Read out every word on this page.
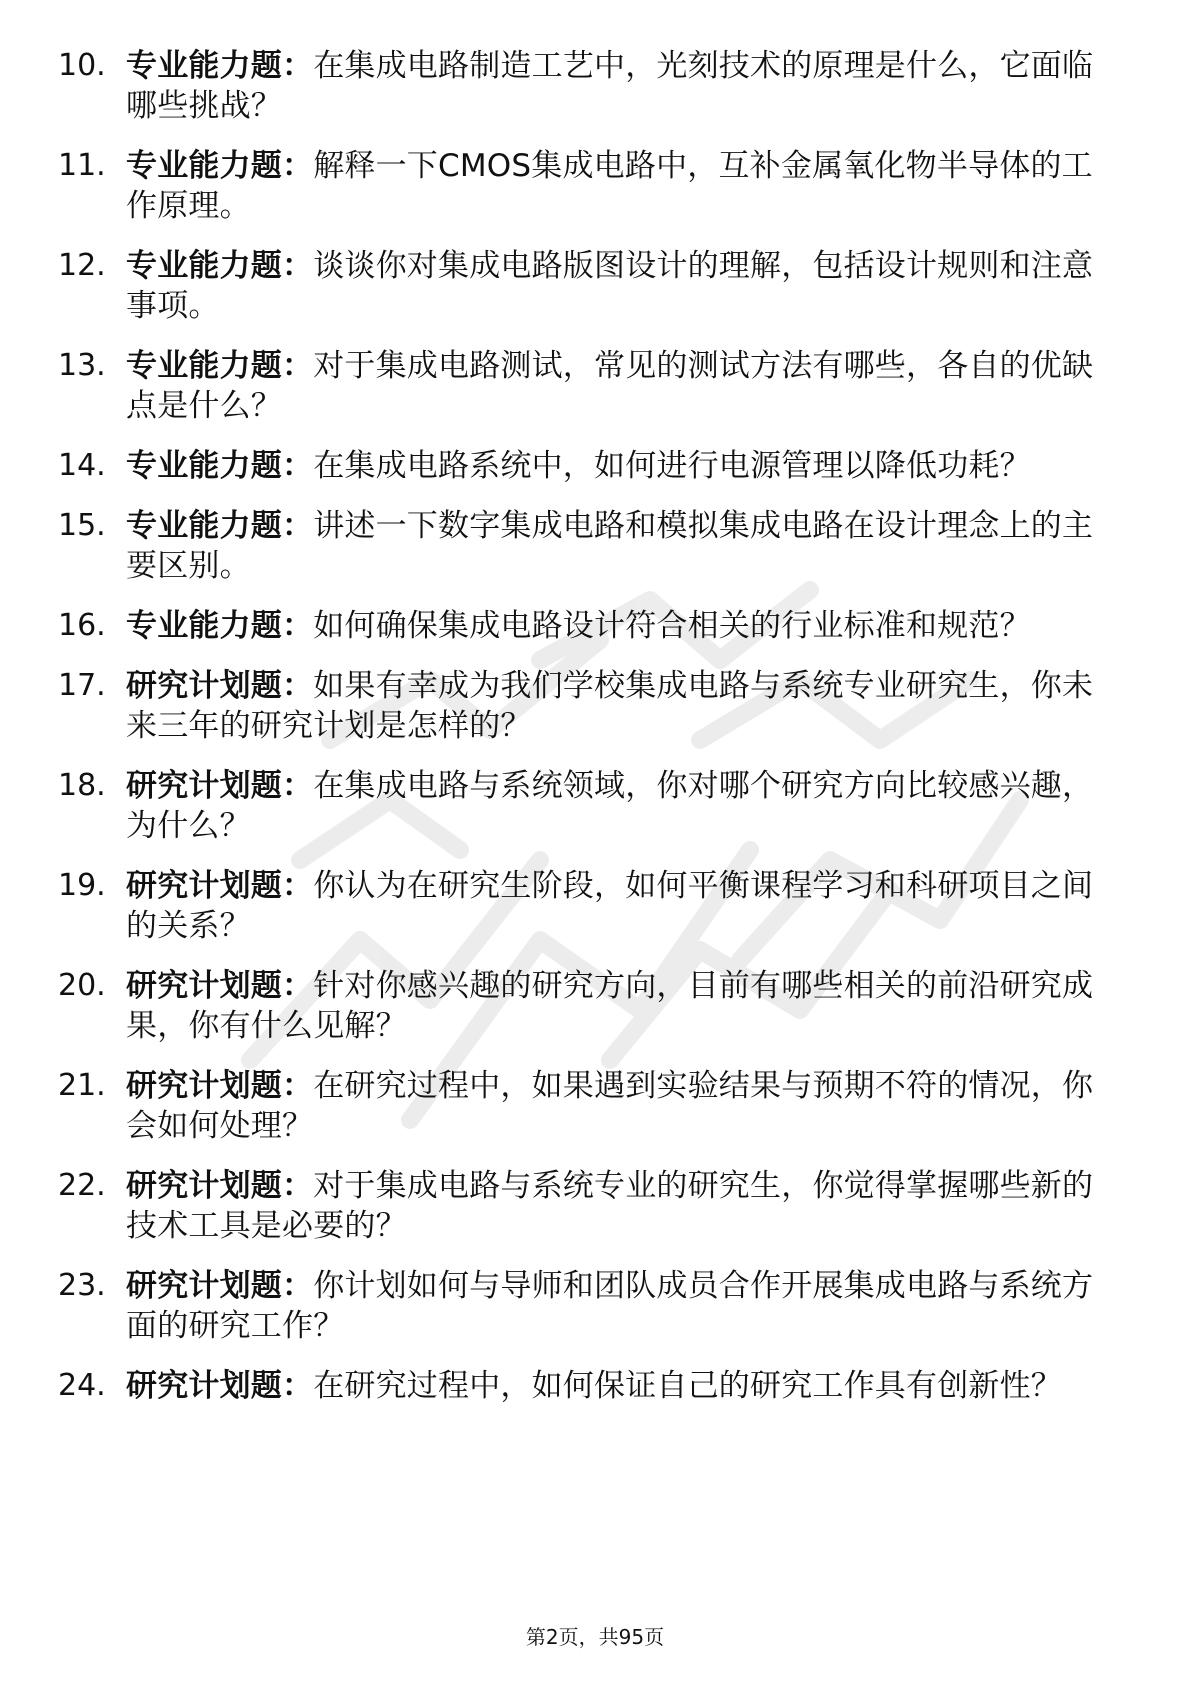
10. 专业能力题：在集成电路制造工艺中，光刻技术的原理是什么，它面临哪些挑战？
11. 专业能力题：解释一下CMOS集成电路中，互补金属氧化物半导体的工作原理。
12. 专业能力题：谈谈你对集成电路版图设计的理解，包括设计规则和注意事项。
13. 专业能力题：对于集成电路测试，常见的测试方法有哪些，各自的优缺点是什么？
14. 专业能力题：在集成电路系统中，如何进行电源管理以降低功耗？
15. 专业能力题：讲述一下数字集成电路和模拟集成电路在设计理念上的主要区别。
16. 专业能力题：如何确保集成电路设计符合相关的行业标准和规范？
17. 研究计划题：如果有幸成为我们学校集成电路与系统专业研究生，你未来三年的研究计划是怎样的？
18. 研究计划题：在集成电路与系统领域，你对哪个研究方向比较感兴趣，为什么？
19. 研究计划题：你认为在研究生阶段，如何平衡课程学习和科研项目之间的关系？
20. 研究计划题：针对你感兴趣的研究方向，目前有哪些相关的前沿研究成果，你有什么见解？
21. 研究计划题：在研究过程中，如果遇到实验结果与预期不符的情况，你会如何处理？
22. 研究计划题：对于集成电路与系统专业的研究生，你觉得掌握哪些新的技术工具是必要的？
23. 研究计划题：你计划如何与导师和团队成员合作开展集成电路与系统方面的研究工作？
24. 研究计划题：在研究过程中，如何保证自己的研究工作具有创新性？
第2页，共95页
